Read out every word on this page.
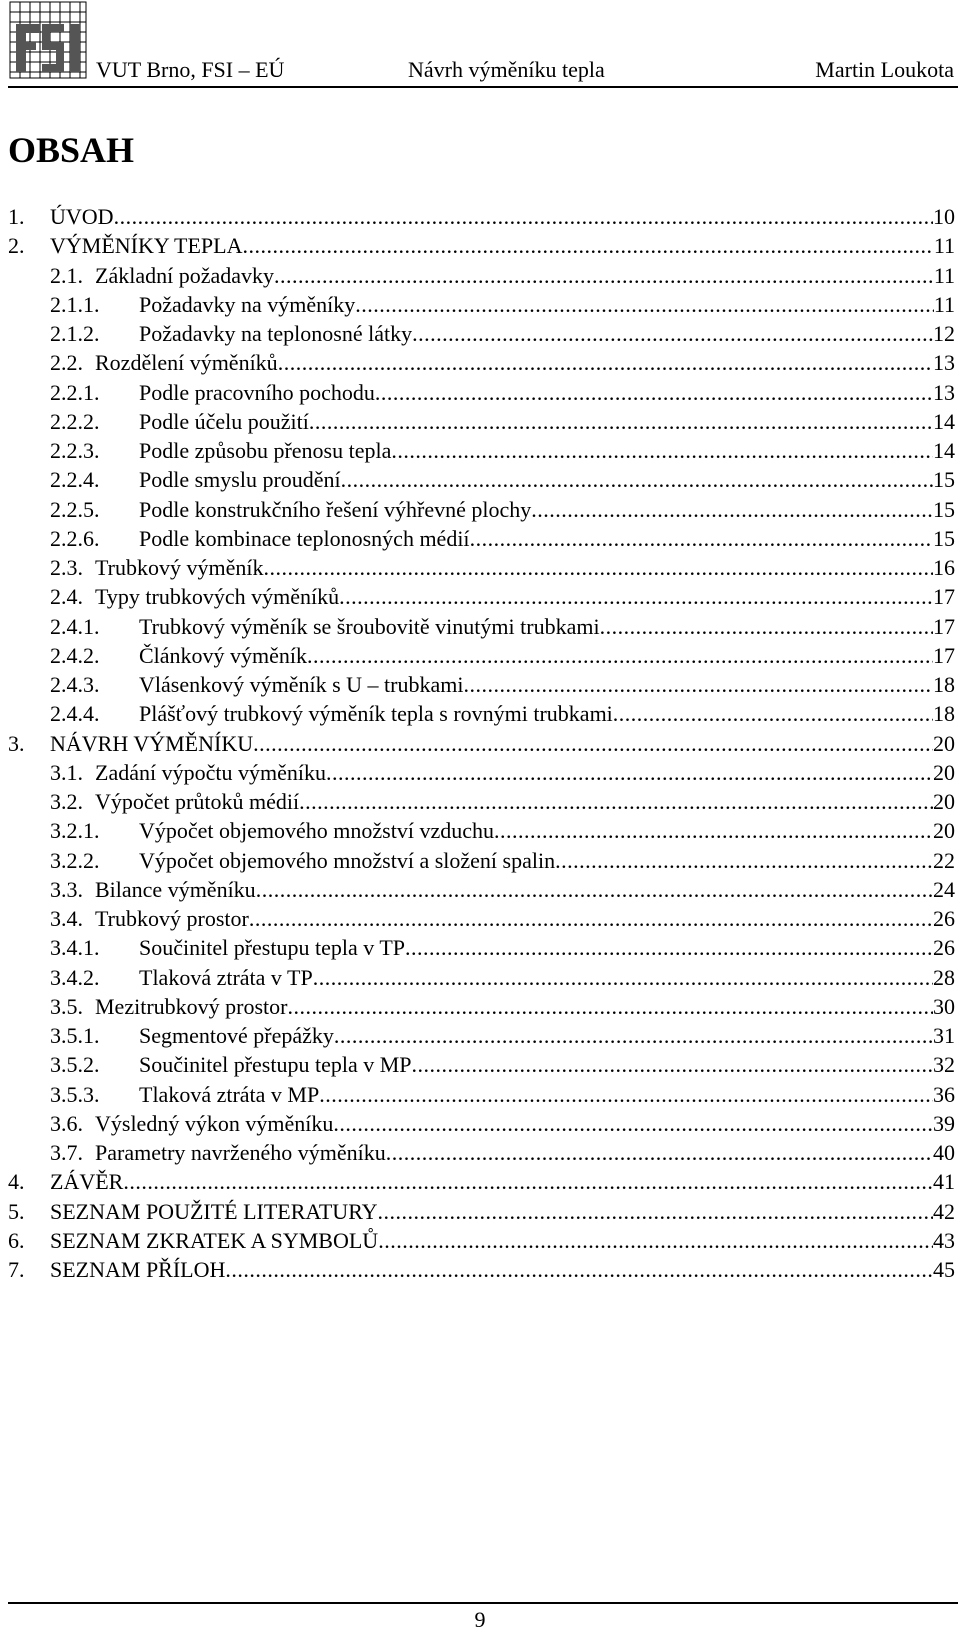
VUT Brno, FSI – EÚ	Návrh výměníku tepla	Martin Loukota
OBSAH
1. ÚVOD .....	10
2. VÝMĚNÍKY TEPLA .....	11
2.1. Základní požadavky .....	11
2.1.1. Požadavky na výměníky .....	11
2.1.2. Požadavky na teplonosné látky .....	12
2.2. Rozdělení výměníků .....	13
2.2.1. Podle pracovního pochodu .....	13
2.2.2. Podle účelu použití .....	14
2.2.3. Podle způsobu přenosu tepla .....	14
2.2.4. Podle smyslu proudění .....	15
2.2.5. Podle konstrukčního řešení výhřevné plochy .....	15
2.2.6. Podle kombinace teplonosných médií .....	15
2.3. Trubkový výměník .....	16
2.4. Typy trubkových výměníků .....	17
2.4.1. Trubkový výměník se šroubovitě vinutými trubkami .....	17
2.4.2. Článkový výměník .....	17
2.4.3. Vlásenkový výměník s U – trubkami .....	18
2.4.4. Plášťový trubkový výměník tepla s rovnými trubkami .....	18
3. NÁVRH VÝMĚNÍKU .....	20
3.1. Zadání výpočtu výměníku .....	20
3.2. Výpočet průtoků médií .....	20
3.2.1. Výpočet objemového množství vzduchu .....	20
3.2.2. Výpočet objemového množství a složení spalin .....	22
3.3. Bilance výměníku .....	24
3.4. Trubkový prostor .....	26
3.4.1. Součinitel přestupu tepla v TP .....	26
3.4.2. Tlaková ztráta v TP .....	28
3.5. Mezitrubkový prostor .....	30
3.5.1. Segmentové přepážky .....	31
3.5.2. Součinitel přestupu tepla v MP .....	32
3.5.3. Tlaková ztráta v MP .....	36
3.6. Výsledný výkon výměníku .....	39
3.7. Parametry navrženého výměníku .....	40
4. ZÁVĚR .....	41
5. SEZNAM POUŽITÉ LITERATURY .....	42
6. SEZNAM ZKRATEK A SYMBOLŮ .....	43
7. SEZNAM PŘÍLOH .....	45
9
